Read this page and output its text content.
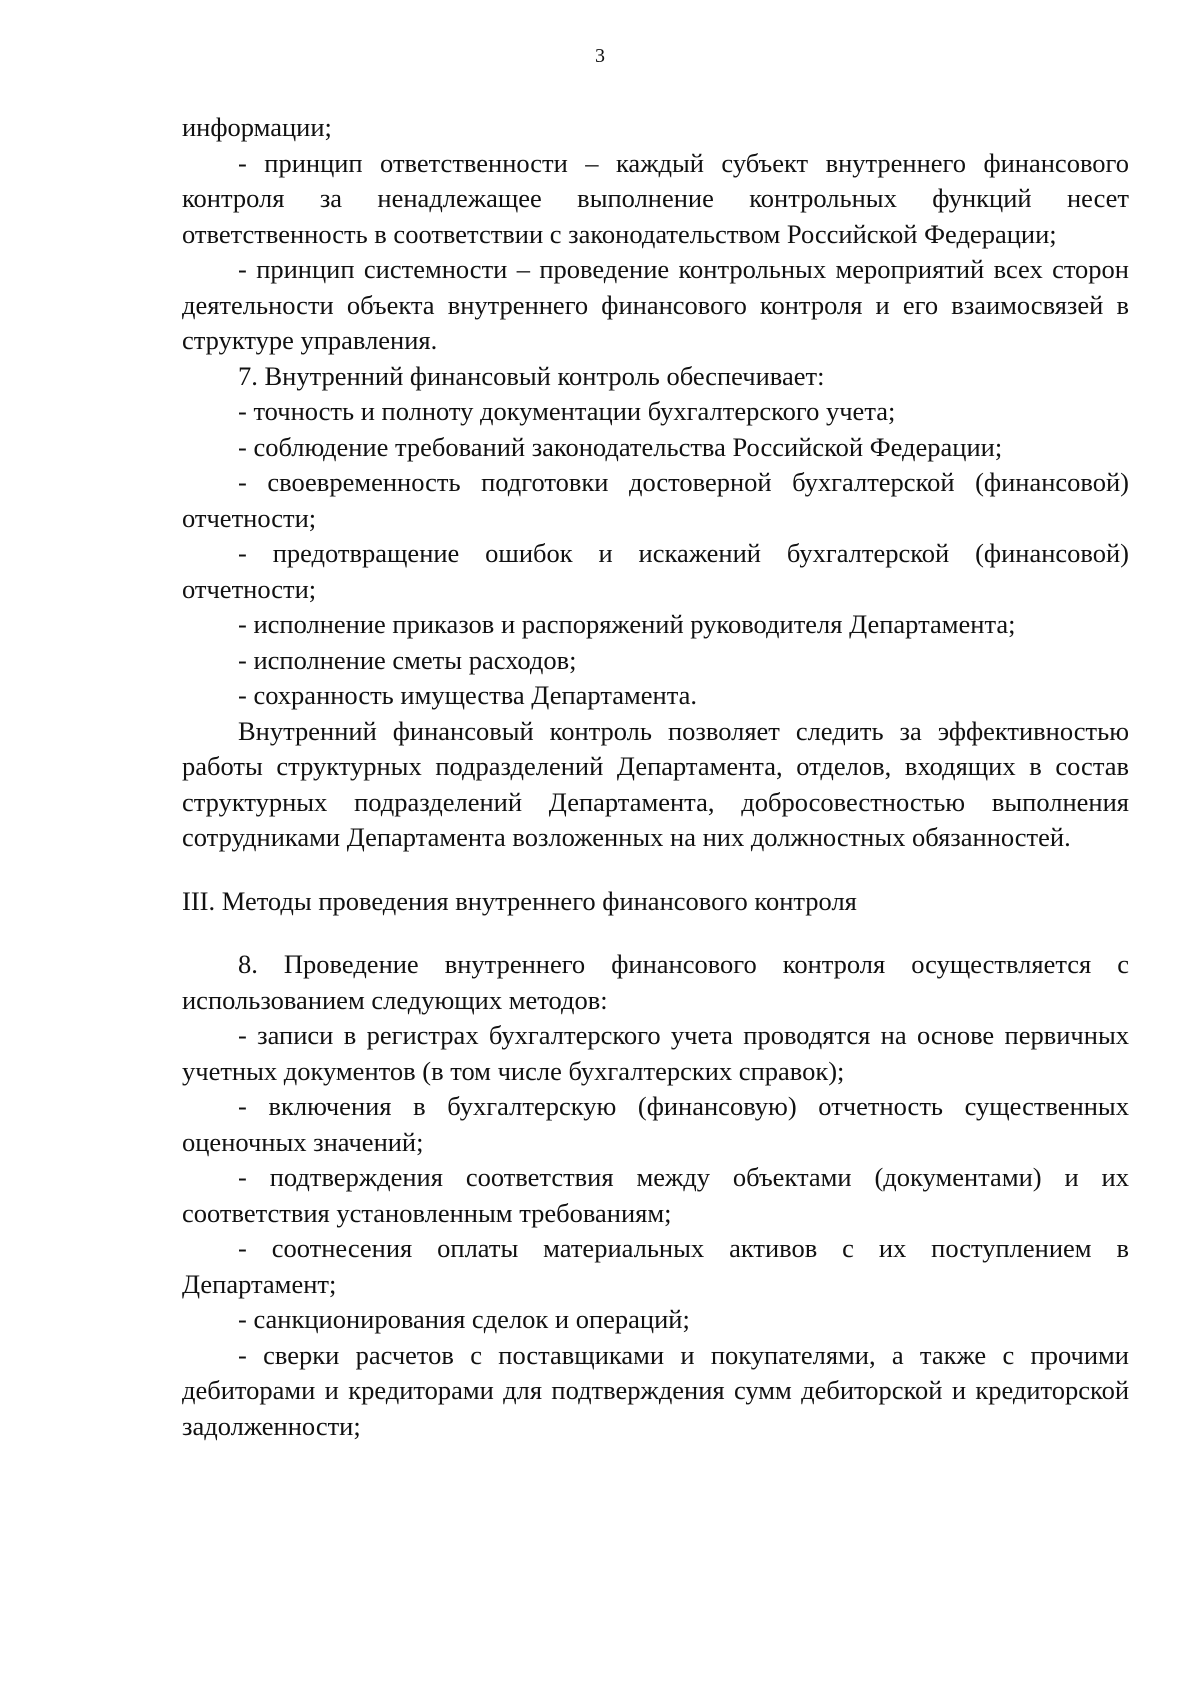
3

информации;

- принцип ответственности – каждый субъект внутреннего финансового контроля за ненадлежащее выполнение контрольных функций несет ответственность в соответствии с законодательством Российской Федерации;

- принцип системности – проведение контрольных мероприятий всех сторон деятельности объекта внутреннего финансового контроля и его взаимосвязей в структуре управления.

7. Внутренний финансовый контроль обеспечивает:

- точность и полноту документации бухгалтерского учета;

- соблюдение требований законодательства Российской Федерации;

- своевременность подготовки достоверной бухгалтерской (финансовой) отчетности;

- предотвращение ошибок и искажений бухгалтерской (финансовой) отчетности;

- исполнение приказов и распоряжений руководителя Департамента;

- исполнение сметы расходов;

- сохранность имущества Департамента.

Внутренний финансовый контроль позволяет следить за эффективностью работы структурных подразделений Департамента, отделов, входящих в состав структурных подразделений Департамента, добросовестностью выполнения сотрудниками Департамента возложенных на них должностных обязанностей.

III. Методы проведения внутреннего финансового контроля

8. Проведение внутреннего финансового контроля осуществляется с использованием следующих методов:

- записи в регистрах бухгалтерского учета проводятся на основе первичных учетных документов (в том числе бухгалтерских справок);

- включения в бухгалтерскую (финансовую) отчетность существенных оценочных значений;

- подтверждения соответствия между объектами (документами) и их соответствия установленным требованиям;

- соотнесения оплаты материальных активов с их поступлением в Департамент;

- санкционирования сделок и операций;

- сверки расчетов с поставщиками и покупателями, а также с прочими дебиторами и кредиторами для подтверждения сумм дебиторской и кредиторской задолженности;
